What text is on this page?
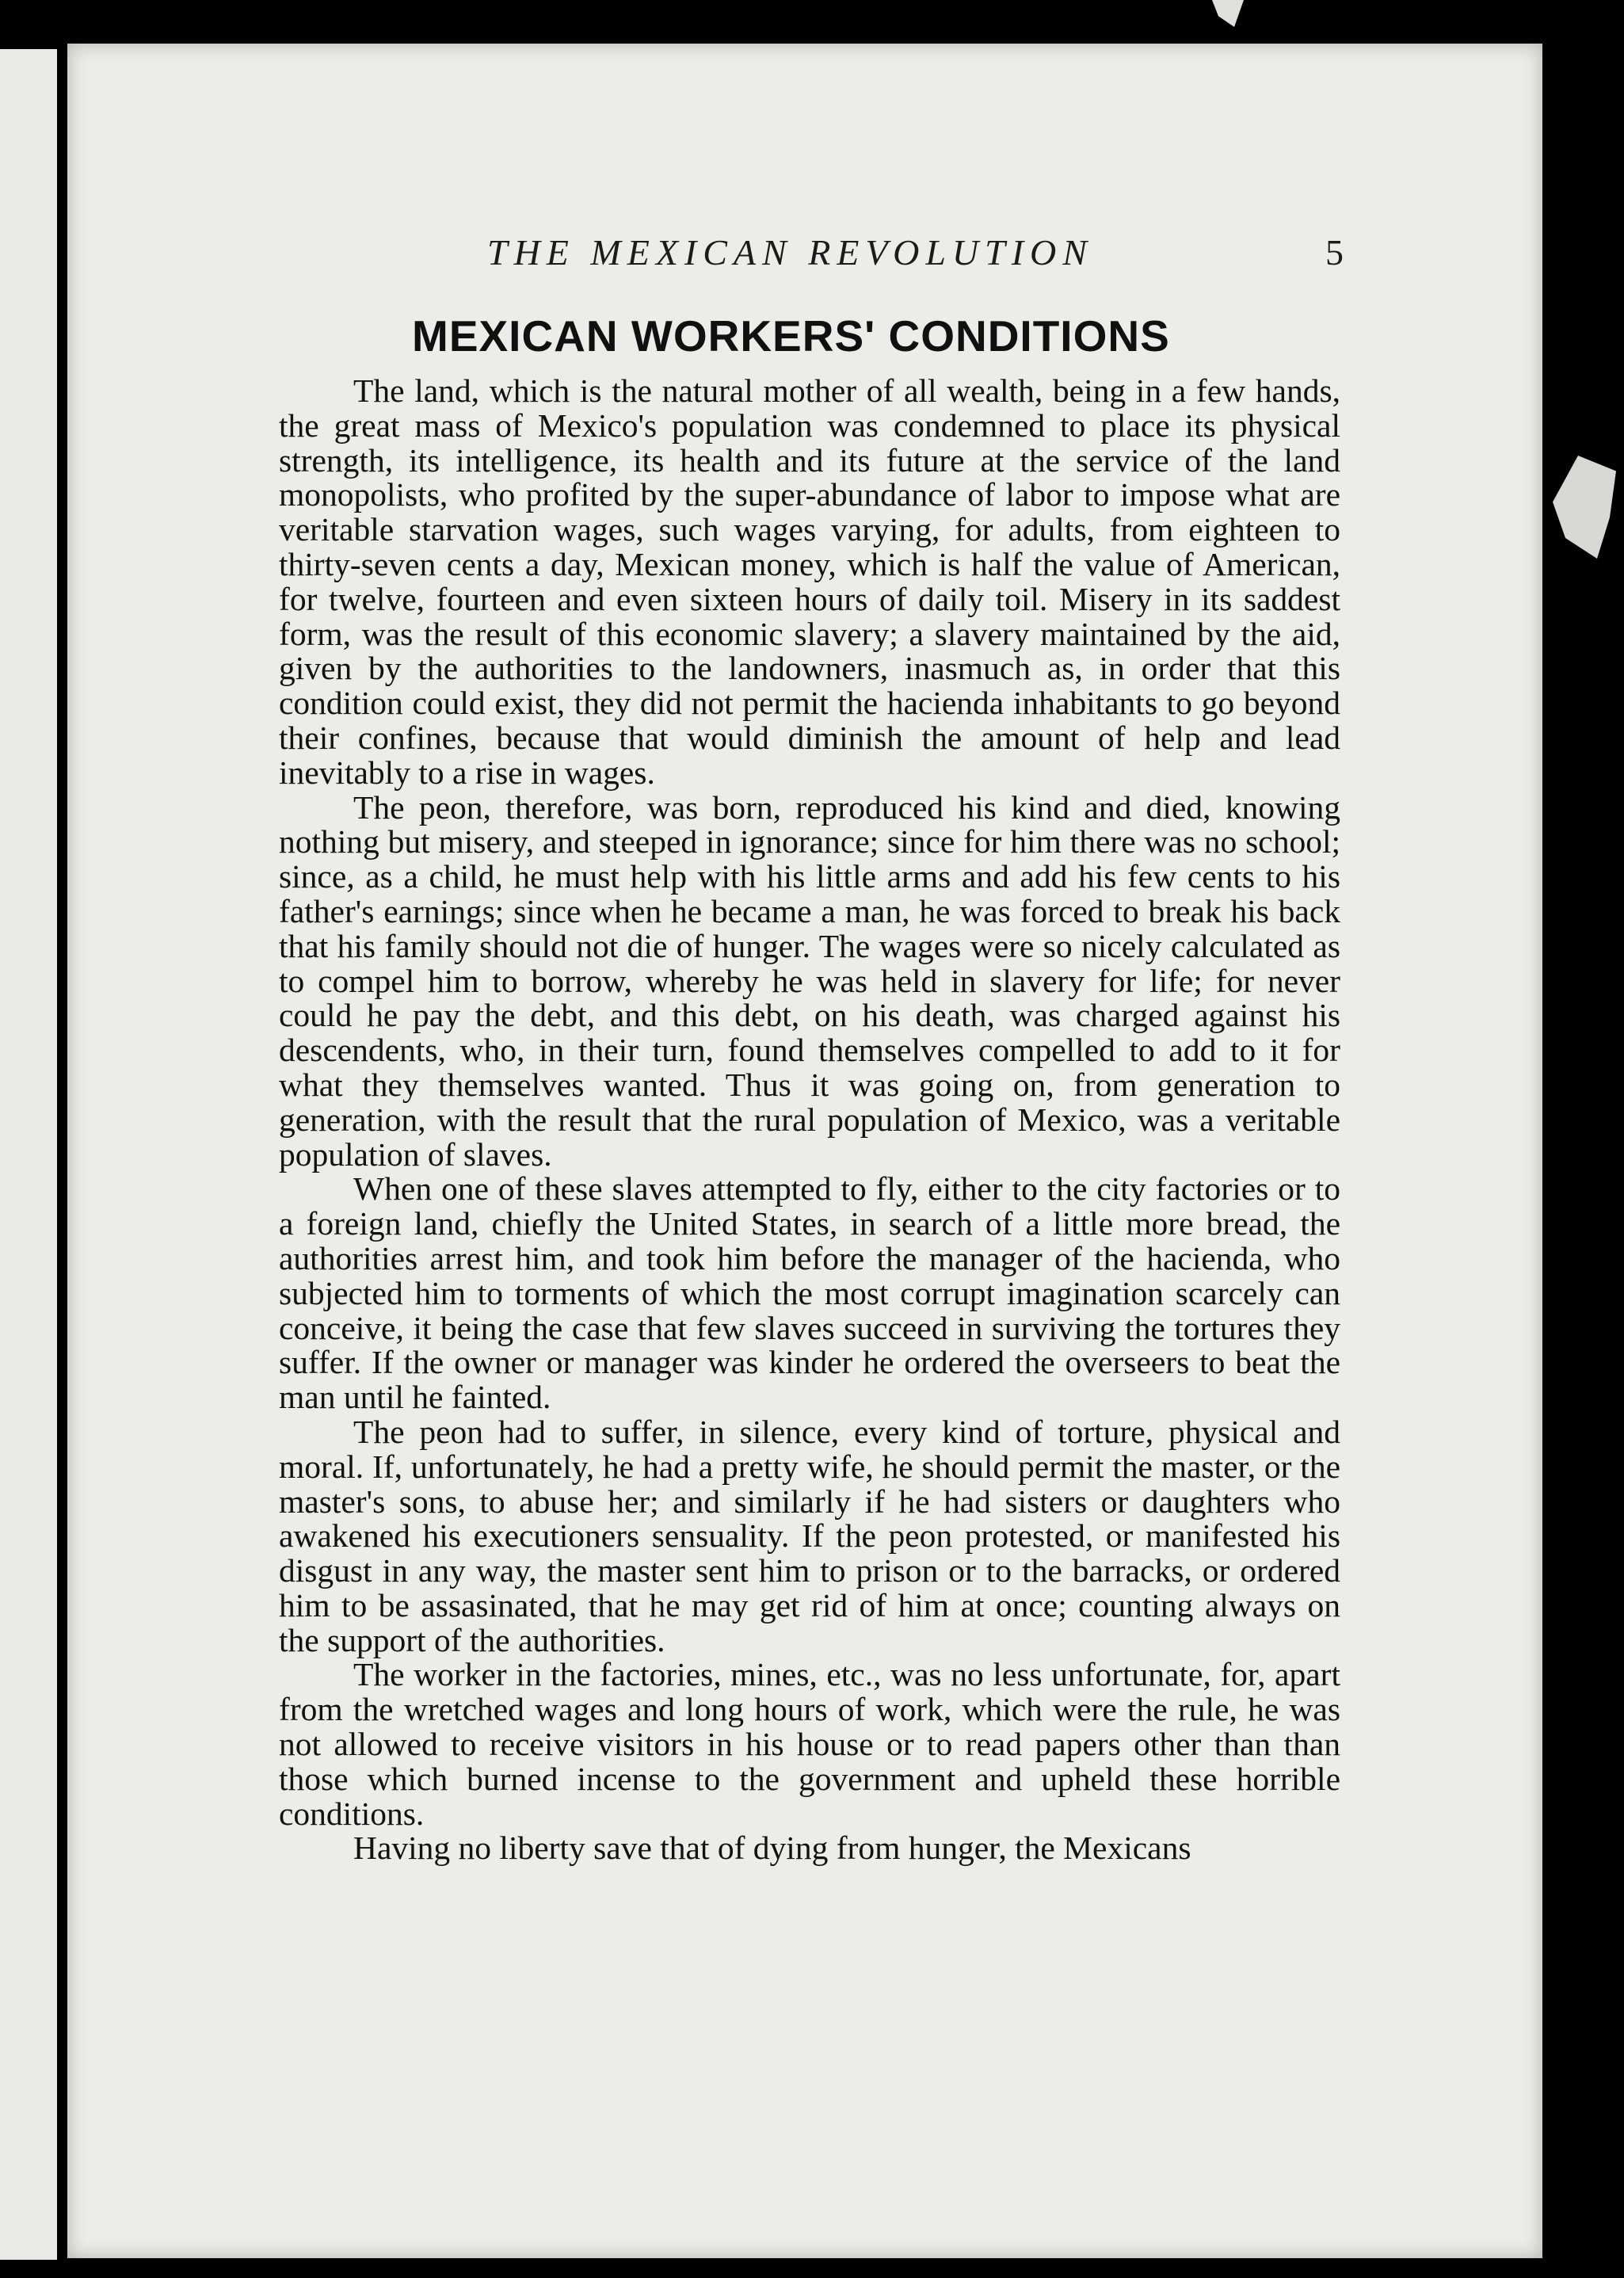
THE MEXICAN REVOLUTION	5
MEXICAN WORKERS' CONDITIONS

The land, which is the natural mother of all wealth, being in a few hands, the great mass of Mexico's population was condemned to place its physical strength, its intelligence, its health and its future at the service of the land monopolists, who profited by the super-abundance of labor to impose what are veritable starvation wages, such wages varying, for adults, from eighteen to thirty-seven cents a day, Mexican money, which is half the value of American, for twelve, fourteen and even sixteen hours of daily toil. Misery in its saddest form, was the result of this economic slavery; a slavery maintained by the aid, given by the authorities to the landowners, inasmuch as, in order that this condition could exist, they did not permit the hacienda inhabitants to go beyond their confines, because that would diminish the amount of help and lead inevitably to a rise in wages.

The peon, therefore, was born, reproduced his kind and died, knowing nothing but misery, and steeped in ignorance; since for him there was no school; since, as a child, he must help with his little arms and add his few cents to his father's earnings; since when he became a man, he was forced to break his back that his family should not die of hunger. The wages were so nicely calculated as to compel him to borrow, whereby he was held in slavery for life; for never could he pay the debt, and this debt, on his death, was charged against his descendents, who, in their turn, found themselves compelled to add to it for what they themselves wanted. Thus it was going on, from generation to generation, with the result that the rural population of Mexico, was a veritable population of slaves.

When one of these slaves attempted to fly, either to the city factories or to a foreign land, chiefly the United States, in search of a little more bread, the authorities arrest him, and took him before the manager of the hacienda, who subjected him to torments of which the most corrupt imagination scarcely can conceive, it being the case that few slaves succeed in surviving the tortures they suffer. If the owner or manager was kinder he ordered the overseers to beat the man until he fainted.

The peon had to suffer, in silence, every kind of torture, physical and moral. If, unfortunately, he had a pretty wife, he should permit the master, or the master's sons, to abuse her; and similarly if he had sisters or daughters who awakened his executioners sensuality. If the peon protested, or manifested his disgust in any way, the master sent him to prison or to the barracks, or ordered him to be assasinated, that he may get rid of him at once; counting always on the support of the authorities.

The worker in the factories, mines, etc., was no less unfortunate, for, apart from the wretched wages and long hours of work, which were the rule, he was not allowed to receive visitors in his house or to read papers other than than those which burned incense to the government and upheld these horrible conditions.

Having no liberty save that of dying from hunger, the Mexicans
